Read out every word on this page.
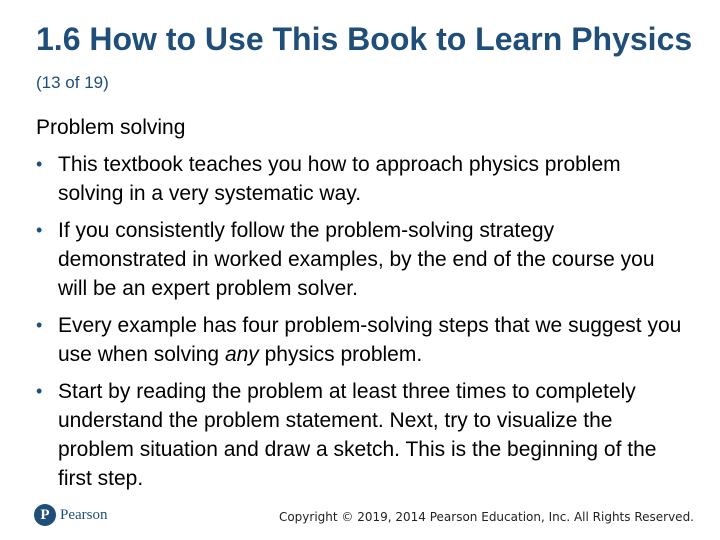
1.6 How to Use This Book to Learn Physics (13 of 19)
Problem solving
• This textbook teaches you how to approach physics problem solving in a very systematic way.
• If you consistently follow the problem-solving strategy demonstrated in worked examples, by the end of the course you will be an expert problem solver.
• Every example has four problem-solving steps that we suggest you use when solving any physics problem.
• Start by reading the problem at least three times to completely understand the problem statement. Next, try to visualize the problem situation and draw a sketch. This is the beginning of the first step.
P Pearson	Copyright © 2019, 2014 Pearson Education, Inc. All Rights Reserved.
